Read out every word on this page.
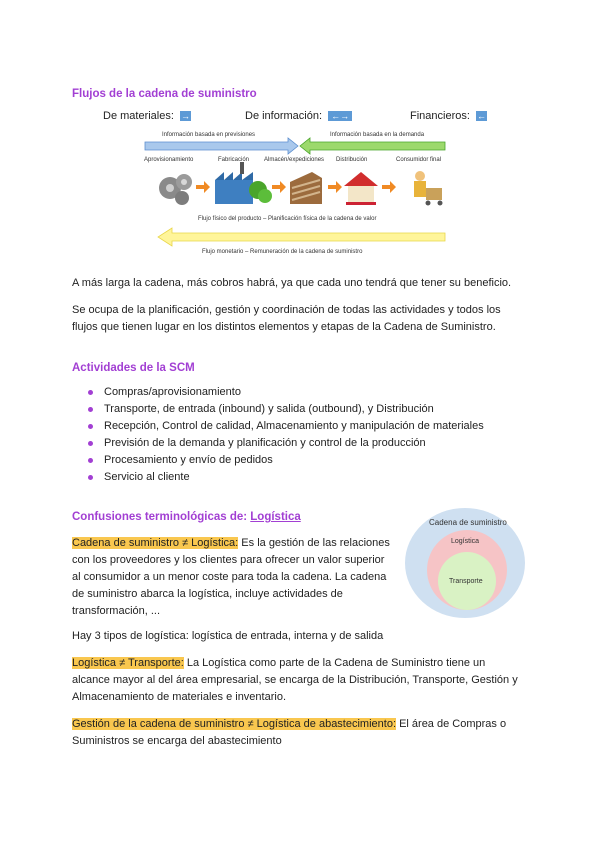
Flujos de la cadena de suministro
De materiales: →	De información: ←→	Financieros: ←
Información basada en previsiones	Información basada en la demanda
Aprovisionamiento	Fabricación Almacén/expediciones Distribución	Consumidor final
Flujo físico del producto – Planificación física de la cadena de valor
Flujo monetario – Remuneración de la cadena de suministro

A más larga la cadena, más cobros habrá, ya que cada uno tendrá que tener su beneficio.

Se ocupa de la planificación, gestión y coordinación de todas las actividades y todos los
flujos que tienen lugar en los distintos elementos y etapas de la Cadena de Suministro.

Actividades de la SCM
Compras/aprovisionamiento
Transporte, de entrada (inbound) y salida (outbound), y Distribución
Recepción, Control de calidad, Almacenamiento y manipulación de materiales
Previsión de la demanda y planificación y control de la producción
Procesamiento y envío de pedidos
Servicio al cliente
Confusiones terminológicas de: Logística	Cadena de suministro
Logística
Transporte

Cadena de suministro ≠ Logística: Es la gestión de las relaciones
con los proveedores y los clientes para ofrecer un valor superior
al consumidor a un menor coste para toda la cadena. La cadena
de suministro abarca la logística, incluye actividades de
transformación, ...

Hay 3 tipos de logística: logística de entrada, interna y de salida

Logística ≠ Transporte: La Logística como parte de la Cadena de Suministro tiene un
alcance mayor al del área empresarial, se encarga de la Distribución, Transporte, Gestión y
Almacenamiento de materiales e inventario.

Gestión de la cadena de suministro ≠ Logística de abastecimiento: El área de Compras o
Suministros se encarga del abastecimiento
